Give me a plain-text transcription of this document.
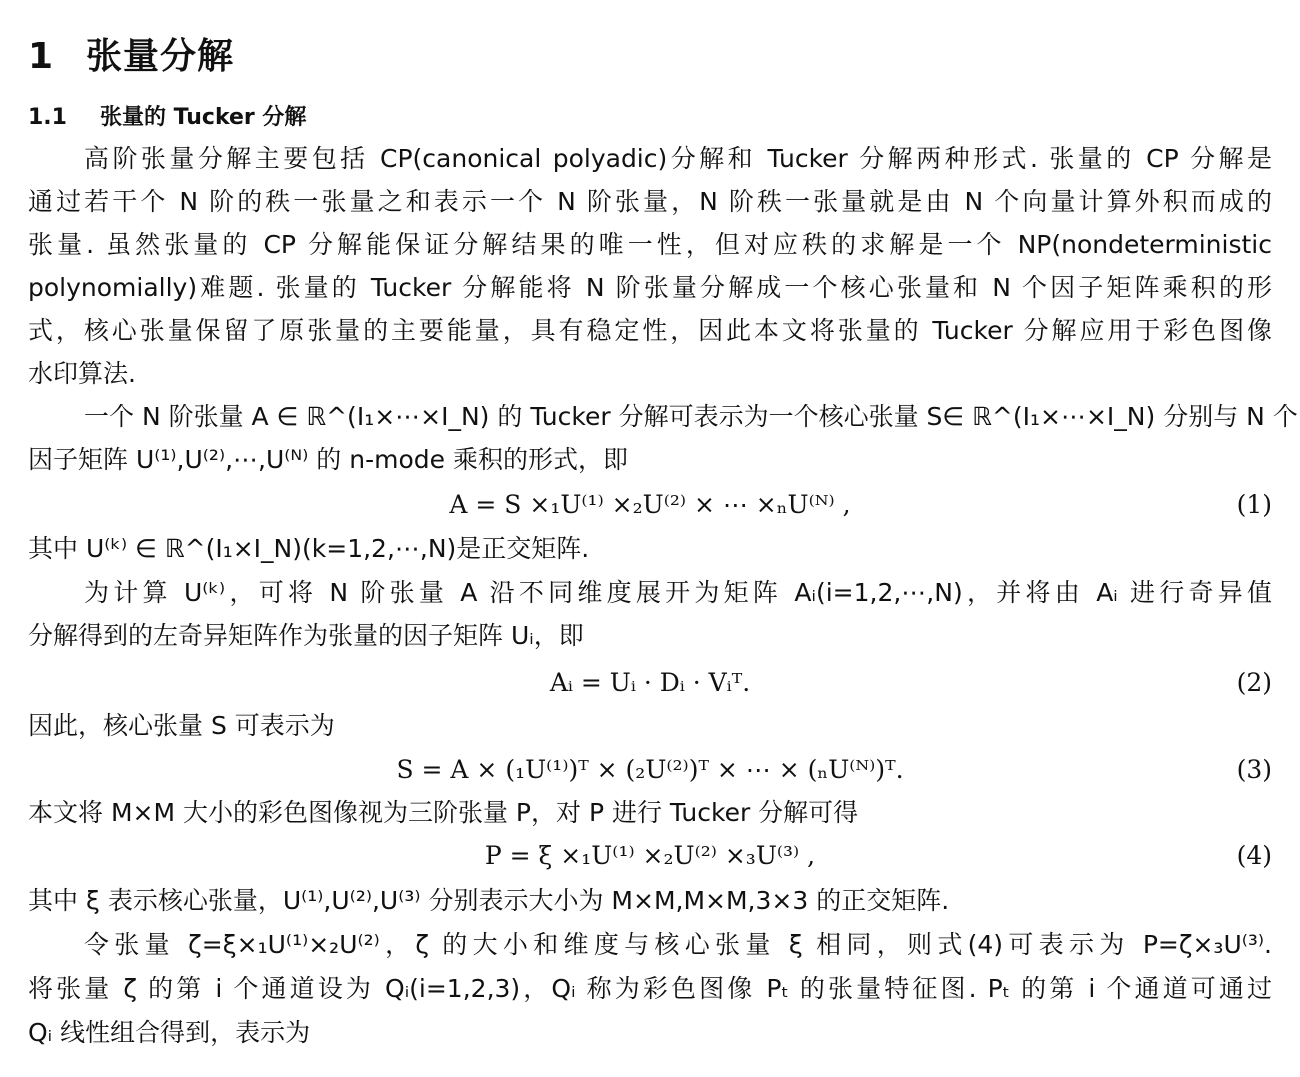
1 张量分解
1.1 张量的 Tucker 分解
高阶张量分解主要包括 CP(canonical polyadic)分解和 Tucker 分解两种形式. 张量的 CP 分解是
通过若干个 N 阶的秩一张量之和表示一个 N 阶张量，N 阶秩一张量就是由 N 个向量计算外积而成的
张量. 虽然张量的 CP 分解能保证分解结果的唯一性，但对应秩的求解是一个 NP(nondeterministic
polynomially)难题. 张量的 Tucker 分解能将 N 阶张量分解成一个核心张量和 N 个因子矩阵乘积的形
式，核心张量保留了原张量的主要能量，具有稳定性，因此本文将张量的 Tucker 分解应用于彩色图像
水印算法.
一个 N 阶张量 A ∈ ℝ^(I₁×⋯×I_N) 的 Tucker 分解可表示为一个核心张量 S∈ ℝ^(I₁×⋯×I_N) 分别与 N 个
因子矩阵 U⁽¹⁾,U⁽²⁾,⋯,U⁽ᴺ⁾ 的 n-mode 乘积的形式，即
A = S ×₁U⁽¹⁾ ×₂U⁽²⁾ × ⋯ ×ₙU⁽ᴺ⁾ ,	(1)
其中 U⁽ᵏ⁾ ∈ ℝ^(I₁×I_N)(k=1,2,⋯,N)是正交矩阵.
为计算 U⁽ᵏ⁾，可将 N 阶张量 A 沿不同维度展开为矩阵 Aᵢ(i=1,2,⋯,N)，并将由 Aᵢ 进行奇异值
分解得到的左奇异矩阵作为张量的因子矩阵 Uᵢ，即
Aᵢ = Uᵢ · Dᵢ · Vᵢᵀ.	(2)
因此，核心张量 S 可表示为
S = A × (₁U⁽¹⁾)ᵀ × (₂U⁽²⁾)ᵀ × ⋯ × (ₙU⁽ᴺ⁾)ᵀ.	(3)
本文将 M×M 大小的彩色图像视为三阶张量 P，对 P 进行 Tucker 分解可得
P = ξ ×₁U⁽¹⁾ ×₂U⁽²⁾ ×₃U⁽³⁾ ,	(4)
其中 ξ 表示核心张量，U⁽¹⁾,U⁽²⁾,U⁽³⁾ 分别表示大小为 M×M,M×M,3×3 的正交矩阵.
令张量 ζ=ξ×₁U⁽¹⁾×₂U⁽²⁾，ζ 的大小和维度与核心张量 ξ 相同，则式(4)可表示为 P=ζ×₃U⁽³⁾.
将张量 ζ 的第 i 个通道设为 Qᵢ(i=1,2,3)，Qᵢ 称为彩色图像 Pₜ 的张量特征图. Pₜ 的第 i 个通道可通过
Qᵢ 线性组合得到，表示为
